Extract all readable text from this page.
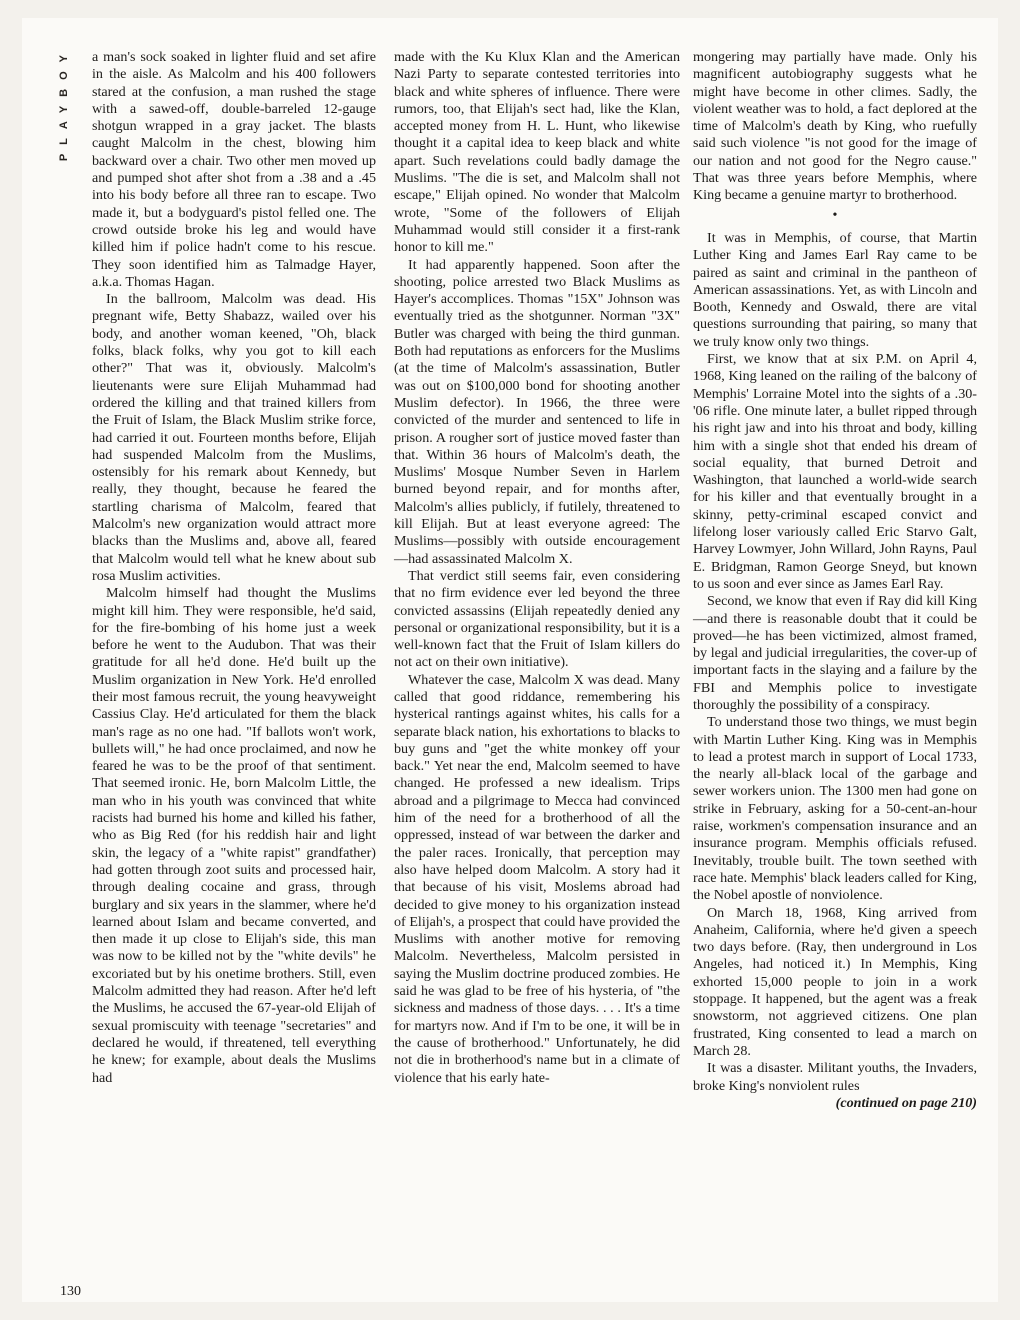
PLAYBOY	a man's sock soaked in lighter fluid and set afire in the aisle. As Malcolm and his 400 followers stared at the confusion, a man rushed the stage with a sawed-off, double-barreled 12-gauge shotgun wrapped in a gray jacket. The blasts caught Malcolm in the chest, blowing him backward over a chair. Two other men moved up and pumped shot after shot from a .38 and a .45 into his body before all three ran to escape. Two made it, but a bodyguard's pistol felled one. The crowd outside broke his leg and would have killed him if police hadn't come to his rescue. They soon identified him as Talmadge Hayer, a.k.a. Thomas Hagan.

In the ballroom, Malcolm was dead. His pregnant wife, Betty Shabazz, wailed over his body, and another woman keened, "Oh, black folks, black folks, why you got to kill each other?" That was it, obviously. Malcolm's lieutenants were sure Elijah Muhammad had ordered the killing and that trained killers from the Fruit of Islam, the Black Muslim strike force, had carried it out. Fourteen months before, Elijah had suspended Malcolm from the Muslims, ostensibly for his remark about Kennedy, but really, they thought, because he feared the startling charisma of Malcolm, feared that Malcolm's new organization would attract more blacks than the Muslims and, above all, feared that Malcolm would tell what he knew about sub rosa Muslim activities.

Malcolm himself had thought the Muslims might kill him. They were responsible, he'd said, for the fire-bombing of his home just a week before he went to the Audubon. That was their gratitude for all he'd done. He'd built up the Muslim organization in New York. He'd enrolled their most famous recruit, the young heavyweight Cassius Clay. He'd articulated for them the black man's rage as no one had. "If ballots won't work, bullets will," he had once proclaimed, and now he feared he was to be the proof of that sentiment. That seemed ironic. He, born Malcolm Little, the man who in his youth was convinced that white racists had burned his home and killed his father, who as Big Red (for his reddish hair and light skin, the legacy of a "white rapist" grandfather) had gotten through zoot suits and processed hair, through dealing cocaine and grass, through burglary and six years in the slammer, where he'd learned about Islam and became converted, and then made it up close to Elijah's side, this man was now to be killed not by the "white devils" he excoriated but by his onetime brothers. Still, even Malcolm admitted they had reason. After he'd left the Muslims, he accused the 67-year-old Elijah of sexual promiscuity with teenage "secretaries" and declared he would, if threatened, tell everything he knew; for example, about deals the Muslims had

made with the Ku Klux Klan and the American Nazi Party to separate contested territories into black and white spheres of influence. There were rumors, too, that Elijah's sect had, like the Klan, accepted money from H. L. Hunt, who likewise thought it a capital idea to keep black and white apart. Such revelations could badly damage the Muslims. "The die is set, and Malcolm shall not escape," Elijah opined. No wonder that Malcolm wrote, "Some of the followers of Elijah Muhammad would still consider it a first-rank honor to kill me."

It had apparently happened. Soon after the shooting, police arrested two Black Muslims as Hayer's accomplices. Thomas "15X" Johnson was eventually tried as the shotgunner. Norman "3X" Butler was charged with being the third gunman. Both had reputations as enforcers for the Muslims (at the time of Malcolm's assassination, Butler was out on $100,000 bond for shooting another Muslim defector). In 1966, the three were convicted of the murder and sentenced to life in prison. A rougher sort of justice moved faster than that. Within 36 hours of Malcolm's death, the Muslims' Mosque Number Seven in Harlem burned beyond repair, and for months after, Malcolm's allies publicly, if futilely, threatened to kill Elijah. But at least everyone agreed: The Muslims—possibly with outside encouragement—had assassinated Malcolm X.

That verdict still seems fair, even considering that no firm evidence ever led beyond the three convicted assassins (Elijah repeatedly denied any personal or organizational responsibility, but it is a well-known fact that the Fruit of Islam killers do not act on their own initiative).

Whatever the case, Malcolm X was dead. Many called that good riddance, remembering his hysterical rantings against whites, his calls for a separate black nation, his exhortations to blacks to buy guns and "get the white monkey off your back." Yet near the end, Malcolm seemed to have changed. He professed a new idealism. Trips abroad and a pilgrimage to Mecca had convinced him of the need for a brotherhood of all the oppressed, instead of war between the darker and the paler races. Ironically, that perception may also have helped doom Malcolm. A story had it that because of his visit, Moslems abroad had decided to give money to his organization instead of Elijah's, a prospect that could have provided the Muslims with another motive for removing Malcolm. Nevertheless, Malcolm persisted in saying the Muslim doctrine produced zombies. He said he was glad to be free of his hysteria, of "the sickness and madness of those days. . . . It's a time for martyrs now. And if I'm to be one, it will be in the cause of brotherhood." Unfortunately, he did not die in brotherhood's name but in a climate of violence that his early hate-

mongering may partially have made. Only his magnificent autobiography suggests what he might have become in other climes. Sadly, the violent weather was to hold, a fact deplored at the time of Malcolm's death by King, who ruefully said such violence "is not good for the image of our nation and not good for the Negro cause." That was three years before Memphis, where King became a genuine martyr to brotherhood.

•

It was in Memphis, of course, that Martin Luther King and James Earl Ray came to be paired as saint and criminal in the pantheon of American assassinations. Yet, as with Lincoln and Booth, Kennedy and Oswald, there are vital questions surrounding that pairing, so many that we truly know only two things.

First, we know that at six P.M. on April 4, 1968, King leaned on the railing of the balcony of Memphis' Lorraine Motel into the sights of a .30-'06 rifle. One minute later, a bullet ripped through his right jaw and into his throat and body, killing him with a single shot that ended his dream of social equality, that burned Detroit and Washington, that launched a world-wide search for his killer and that eventually brought in a skinny, petty-criminal escaped convict and lifelong loser variously called Eric Starvo Galt, Harvey Lowmyer, John Willard, John Rayns, Paul E. Bridgman, Ramon George Sneyd, but known to us soon and ever since as James Earl Ray.

Second, we know that even if Ray did kill King—and there is reasonable doubt that it could be proved—he has been victimized, almost framed, by legal and judicial irregularities, the cover-up of important facts in the slaying and a failure by the FBI and Memphis police to investigate thoroughly the possibility of a conspiracy.

To understand those two things, we must begin with Martin Luther King. King was in Memphis to lead a protest march in support of Local 1733, the nearly all-black local of the garbage and sewer workers union. The 1300 men had gone on strike in February, asking for a 50-cent-an-hour raise, workmen's compensation insurance and an insurance program. Memphis officials refused. Inevitably, trouble built. The town seethed with race hate. Memphis' black leaders called for King, the Nobel apostle of nonviolence.

On March 18, 1968, King arrived from Anaheim, California, where he'd given a speech two days before. (Ray, then underground in Los Angeles, had noticed it.) In Memphis, King exhorted 15,000 people to join in a work stoppage. It happened, but the agent was a freak snowstorm, not aggrieved citizens. One plan frustrated, King consented to lead a march on March 28.

It was a disaster. Militant youths, the Invaders, broke King's nonviolent rules

(continued on page 210)

130
